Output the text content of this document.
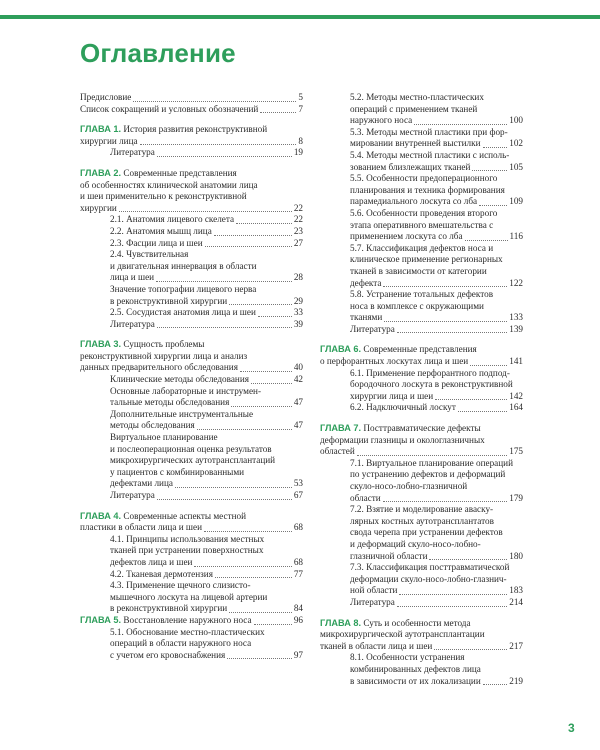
Оглавление
Предисловие	5
Список сокращений и условных обозначений	7
ГЛАВА 1. История развития реконструктивной
хирургии лица	8
Литература	19
ГЛАВА 2. Современные представления
об особенностях клинической анатомии лица
и шеи применительно к реконструктивной
хирургии	22
2.1. Анатомия лицевого скелета	22
2.2. Анатомия мышц лица	23
2.3. Фасции лица и шеи	27
2.4. Чувствительная
и двигательная иннервация в области
лица и шеи	28
Значение топографии лицевого нерва
в реконструктивной хирургии	29
2.5. Сосудистая анатомия лица и шеи	33
Литература	39
ГЛАВА 3. Сущность проблемы
реконструктивной хирургии лица и анализ
данных предварительного обследования	40
Клинические методы обследования	42
Основные лабораторные и инструмен-
тальные методы обследования	47
Дополнительные инструментальные
методы обследования	47
Виртуальное планирование
и послеоперационная оценка результатов
микрохирургических аутотрансплантаций
у пациентов с комбинированными
дефектами лица	53
Литература	67
ГЛАВА 4. Современные аспекты местной
пластики в области лица и шеи	68
4.1. Принципы использования местных
тканей при устранении поверхностных
дефектов лица и шеи	68
4.2. Тканевая дермотензия	77
4.3. Применение щечного слизисто-
мышечного лоскута на лицевой артерии
в реконструктивной хирургии	84
ГЛАВА 5. Восстановление наружного носа	96
5.1. Обоснование местно-пластических
операций в области наружного носа
с учетом его кровоснабжения	97
5.2. Методы местно-пластических
операций с применением тканей
наружного носа	100
5.3. Методы местной пластики при фор-
мировании внутренней выстилки	102
5.4. Методы местной пластики с исполь-
зованием близлежащих тканей	105
5.5. Особенности предоперационного
планирования и техника формирования
парамедиального лоскута со лба	109
5.6. Особенности проведения второго
этапа оперативного вмешательства с
применением лоскута со лба	116
5.7. Классификация дефектов носа и
клиническое применение регионарных
тканей в зависимости от категории
дефекта	122
5.8. Устранение тотальных дефектов
носа в комплексе с окружающими
тканями	133
Литература	139
ГЛАВА 6. Современные представления
о перфорантных лоскутах лица и шеи	141
6.1. Применение перфорантного подпод-
бородочного лоскута в реконструктивной
хирургии лица и шеи	142
6.2. Надключичный лоскут	164
ГЛАВА 7. Посттравматические дефекты
деформации глазницы и окологлазничных
областей	175
7.1. Виртуальное планирование операций
по устранению дефектов и деформаций
скуло-носо-лобно-глазничной
области	179
7.2. Взятие и моделирование аваску-
лярных костных аутотрансплантатов
свода черепа при устранении дефектов
и деформаций скуло-носо-лобно-
глазничной области	180
7.3. Классификация посттравматической
деформации скуло-носо-лобно-глазнич-
ной области	183
Литература	214
ГЛАВА 8. Суть и особенности метода
микрохирургической аутотрансплантации
тканей в области лица и шеи	217
8.1. Особенности устранения
комбинированных дефектов лица
в зависимости от их локализации	219
3
